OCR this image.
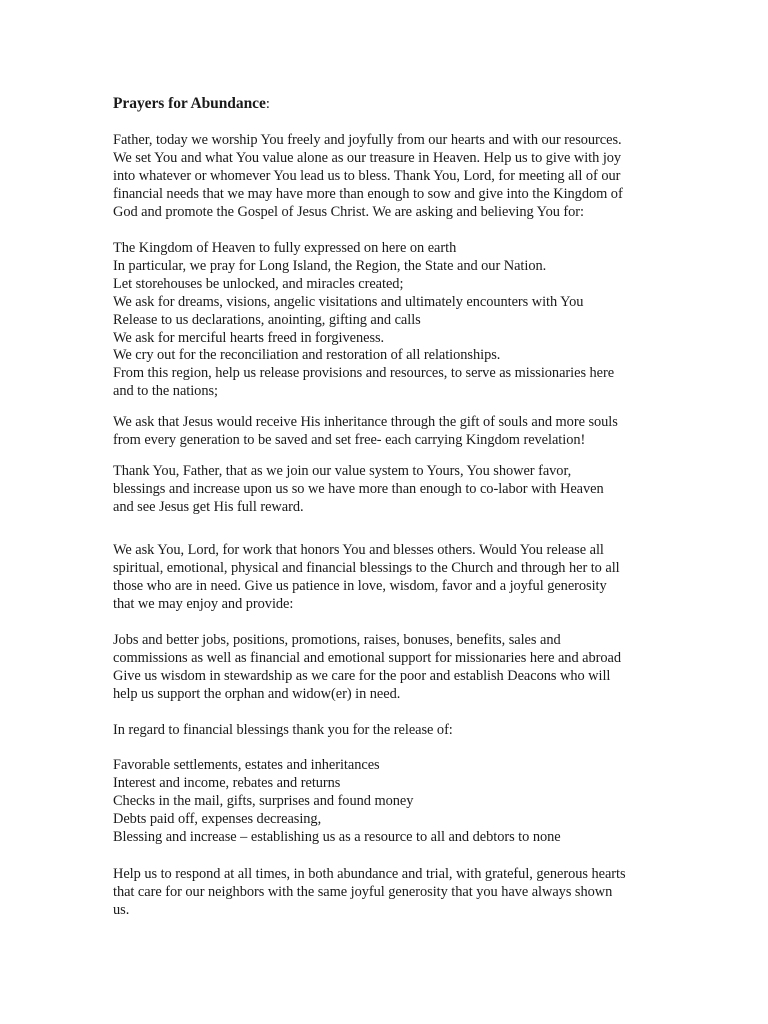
Prayers for Abundance:
Father, today we worship You freely and joyfully from our hearts and with our resources.
We set You and what You value alone as our treasure in Heaven. Help us to give with joy
into whatever or whomever You lead us to bless. Thank You, Lord, for meeting all of our
financial needs that we may have more than enough to sow and give into the Kingdom of
God and promote the Gospel of Jesus Christ. We are asking and believing You for:
The Kingdom of Heaven to fully expressed on here on earth
In particular, we pray for Long Island, the Region, the State and our Nation.
Let storehouses be unlocked, and miracles created;
We ask for dreams, visions, angelic visitations and ultimately encounters with You
Release to us declarations, anointing, gifting and calls
We ask for merciful hearts freed in forgiveness.
We cry out for the reconciliation and restoration of all relationships.
From this region, help us release provisions and resources, to serve as missionaries here
and to the nations;
We ask that Jesus would receive His inheritance through the gift of souls and more souls
from every generation to be saved and set free- each carrying Kingdom revelation!
Thank You, Father, that as we join our value system to Yours, You shower favor,
blessings and increase upon us so we have more than enough to co-labor with Heaven
and see Jesus get His full reward.
We ask You, Lord, for work that honors You and blesses others. Would You release all
spiritual, emotional, physical and financial blessings to the Church and through her to all
those who are in need. Give us patience in love, wisdom, favor and a joyful generosity
that we may enjoy and provide:
Jobs and better jobs, positions, promotions, raises, bonuses, benefits, sales and
commissions as well as financial and emotional support for missionaries here and abroad
Give us wisdom in stewardship as we care for the poor and establish Deacons who will
help us support the orphan and widow(er) in need.
In regard to financial blessings thank you for the release of:
Favorable settlements, estates and inheritances
Interest and income, rebates and returns
Checks in the mail, gifts, surprises and found money
Debts paid off, expenses decreasing,
Blessing and increase – establishing us as a resource to all and debtors to none
Help us to respond at all times, in both abundance and trial, with grateful, generous hearts
that care for our neighbors with the same joyful generosity that you have always shown
us.
